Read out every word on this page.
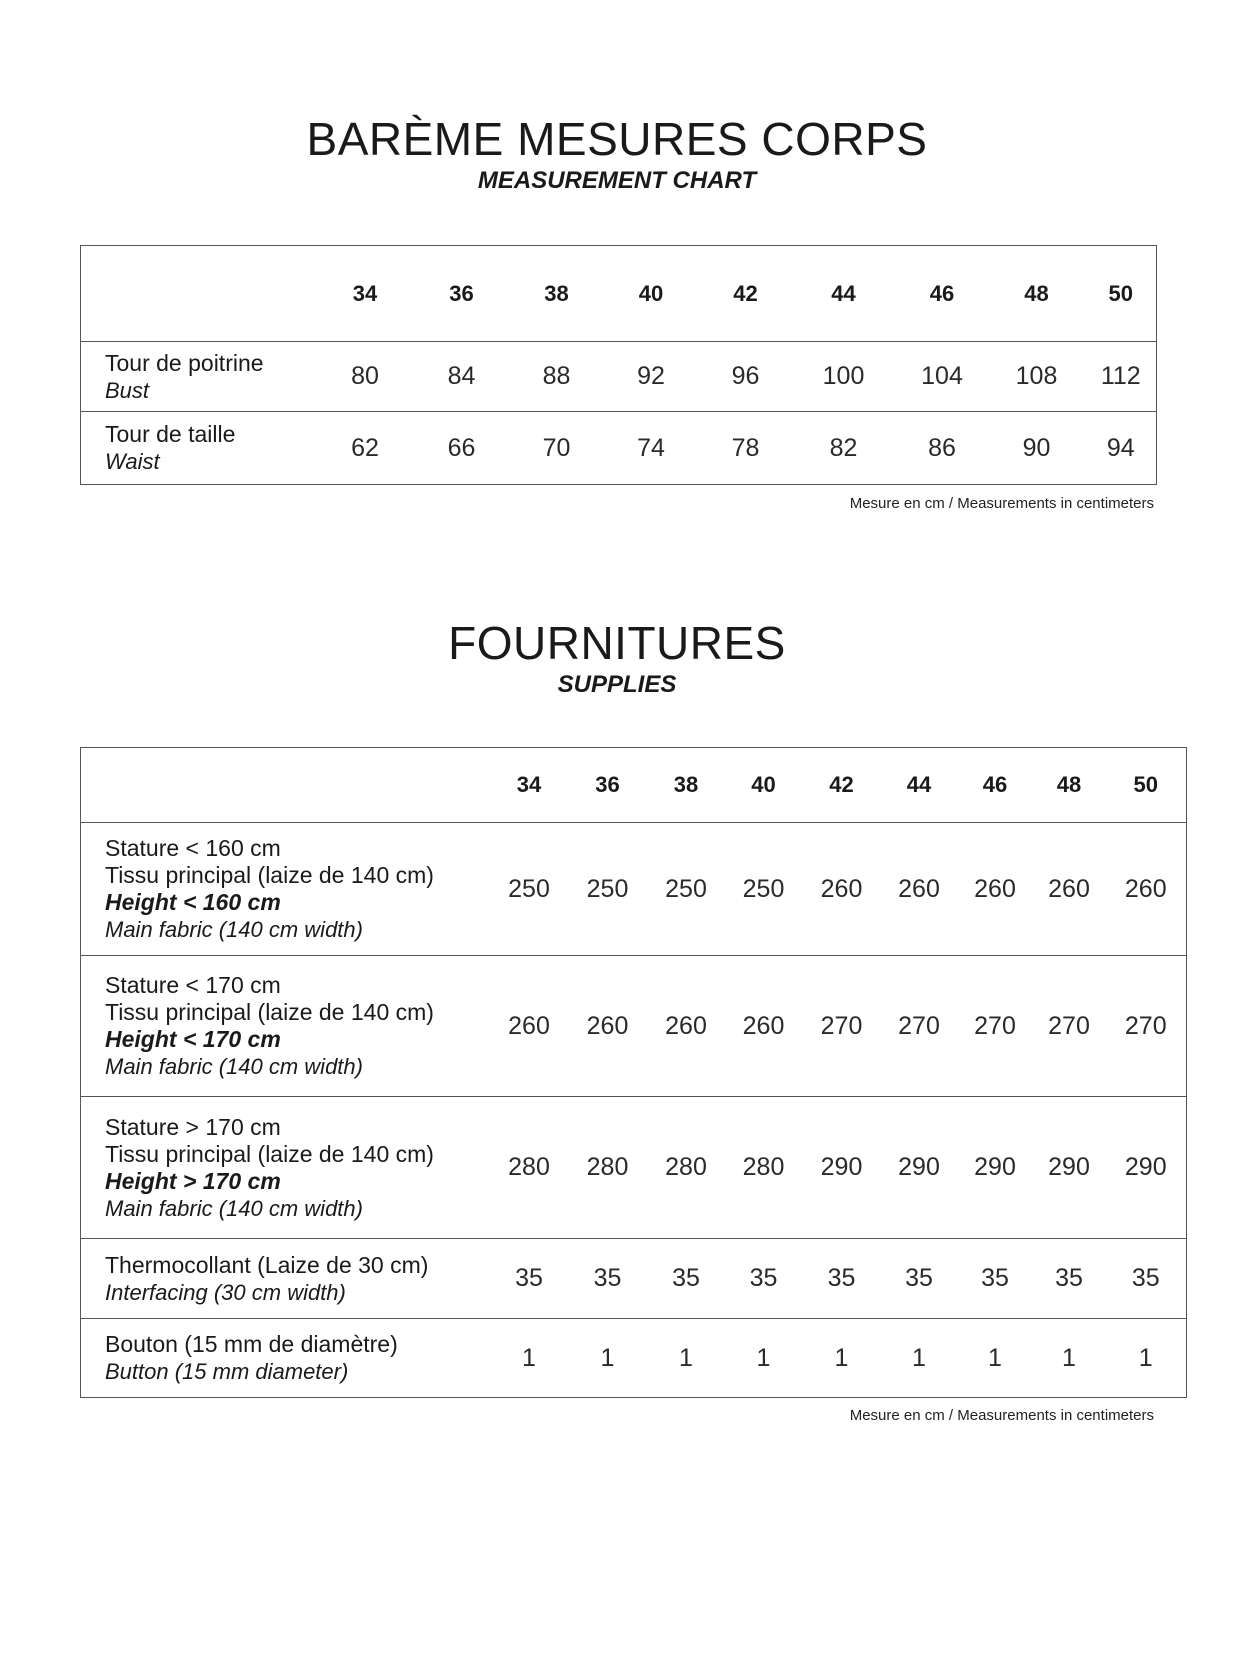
BARÈME MESURES CORPS
MEASUREMENT CHART
	34	36	38	40	42	44	46	48	50

Tour de poitrine
Bust	80	84	88	92	96	100	104	108	112

Tour de taille
Waist	62	66	70	74	78	82	86	90	94
Mesure en cm / Measurements in centimeters
FOURNITURES
SUPPLIES
	34	36	38	40	42	44	46	48	50

Stature < 160 cm
Tissu principal (laize de 140 cm)
Height < 160 cm
Main fabric (140 cm width)	250	250	250	250	260	260	260	260	260

Stature < 170 cm
Tissu principal (laize de 140 cm)
Height < 170 cm
Main fabric (140 cm width)	260	260	260	260	270	270	270	270	270

Stature > 170 cm
Tissu principal (laize de 140 cm)
Height > 170 cm
Main fabric (140 cm width)	280	280	280	280	290	290	290	290	290

Thermocollant (Laize de 30 cm)
Interfacing (30 cm width)	35	35	35	35	35	35	35	35	35

Bouton (15 mm de diamètre)
Button (15 mm diameter)	1	1	1	1	1	1	1	1	1
Mesure en cm / Measurements in centimeters
